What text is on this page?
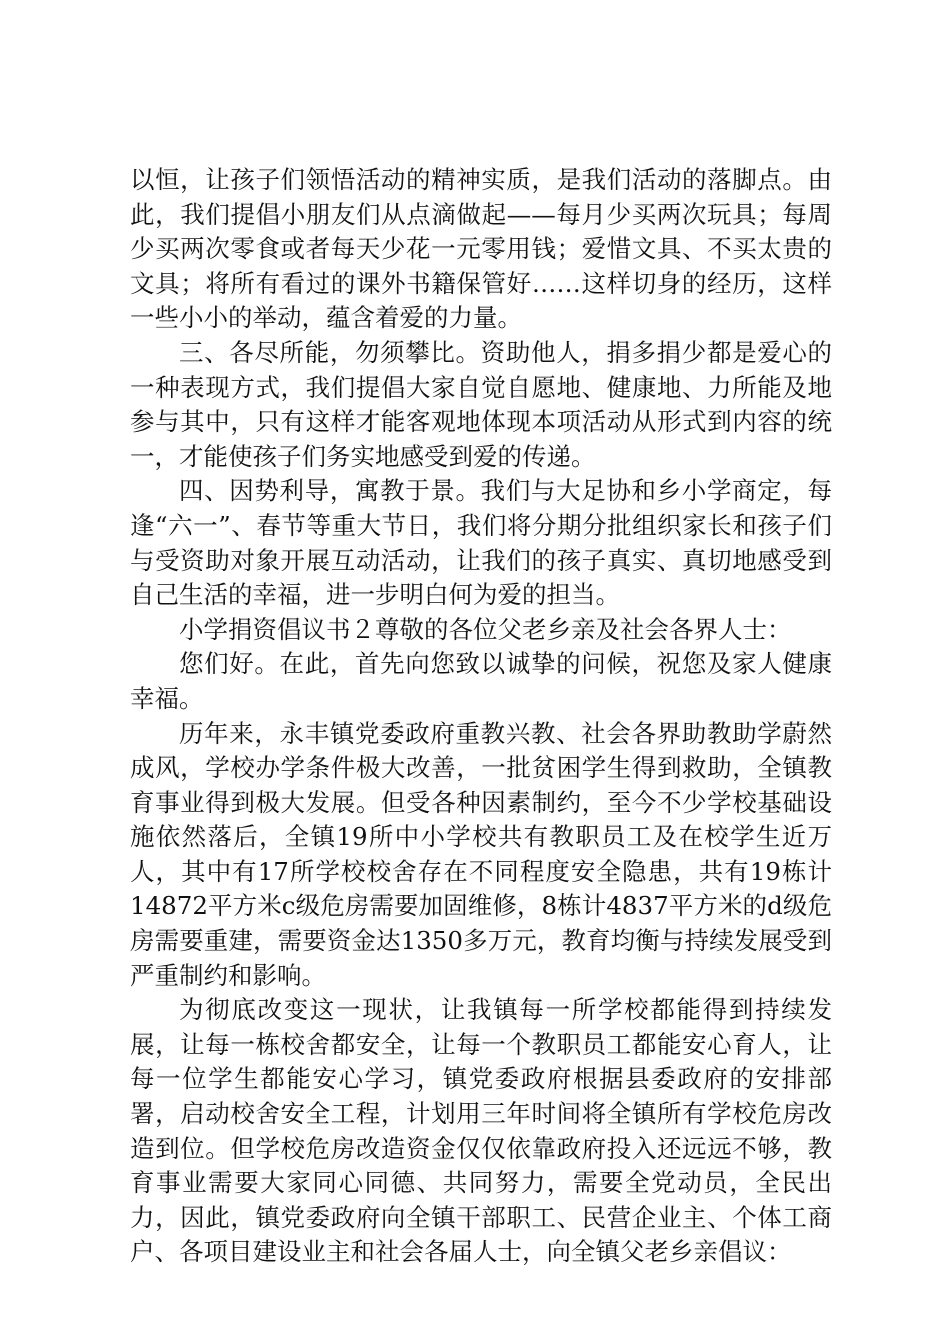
以恒，让孩子们领悟活动的精神实质，是我们活动的落脚点。由此，我们提倡小朋友们从点滴做起——每月少买两次玩具；每周少买两次零食或者每天少花一元零用钱；爱惜文具、不买太贵的文具；将所有看过的课外书籍保管好……这样切身的经历，这样一些小小的举动，蕴含着爱的力量。

三、各尽所能，勿须攀比。资助他人，捐多捐少都是爱心的一种表现方式，我们提倡大家自觉自愿地、健康地、力所能及地参与其中，只有这样才能客观地体现本项活动从形式到内容的统一，才能使孩子们务实地感受到爱的传递。

四、因势利导，寓教于景。我们与大足协和乡小学商定，每逢“六一”、春节等重大节日，我们将分期分批组织家长和孩子们与受资助对象开展互动活动，让我们的孩子真实、真切地感受到自己生活的幸福，进一步明白何为爱的担当。

小学捐资倡议书２尊敬的各位父老乡亲及社会各界人士：

您们好。在此，首先向您致以诚挚的问候，祝您及家人健康幸福。

历年来，永丰镇党委政府重教兴教、社会各界助教助学蔚然成风，学校办学条件极大改善，一批贫困学生得到救助，全镇教育事业得到极大发展。但受各种因素制约，至今不少学校基础设施依然落后，全镇19所中小学校共有教职员工及在校学生近万人，其中有17所学校校舍存在不同程度安全隐患，共有19栋计14872平方米c级危房需要加固维修，8栋计4837平方米的d级危房需要重建，需要资金达1350多万元，教育均衡与持续发展受到严重制约和影响。

为彻底改变这一现状，让我镇每一所学校都能得到持续发展，让每一栋校舍都安全，让每一个教职员工都能安心育人，让每一位学生都能安心学习，镇党委政府根据县委政府的安排部署，启动校舍安全工程，计划用三年时间将全镇所有学校危房改造到位。但学校危房改造资金仅仅依靠政府投入还远远不够，教育事业需要大家同心同德、共同努力，需要全党动员，全民出力，因此，镇党委政府向全镇干部职工、民营企业主、个体工商户、各项目建设业主和社会各届人士，向全镇父老乡亲倡议：
